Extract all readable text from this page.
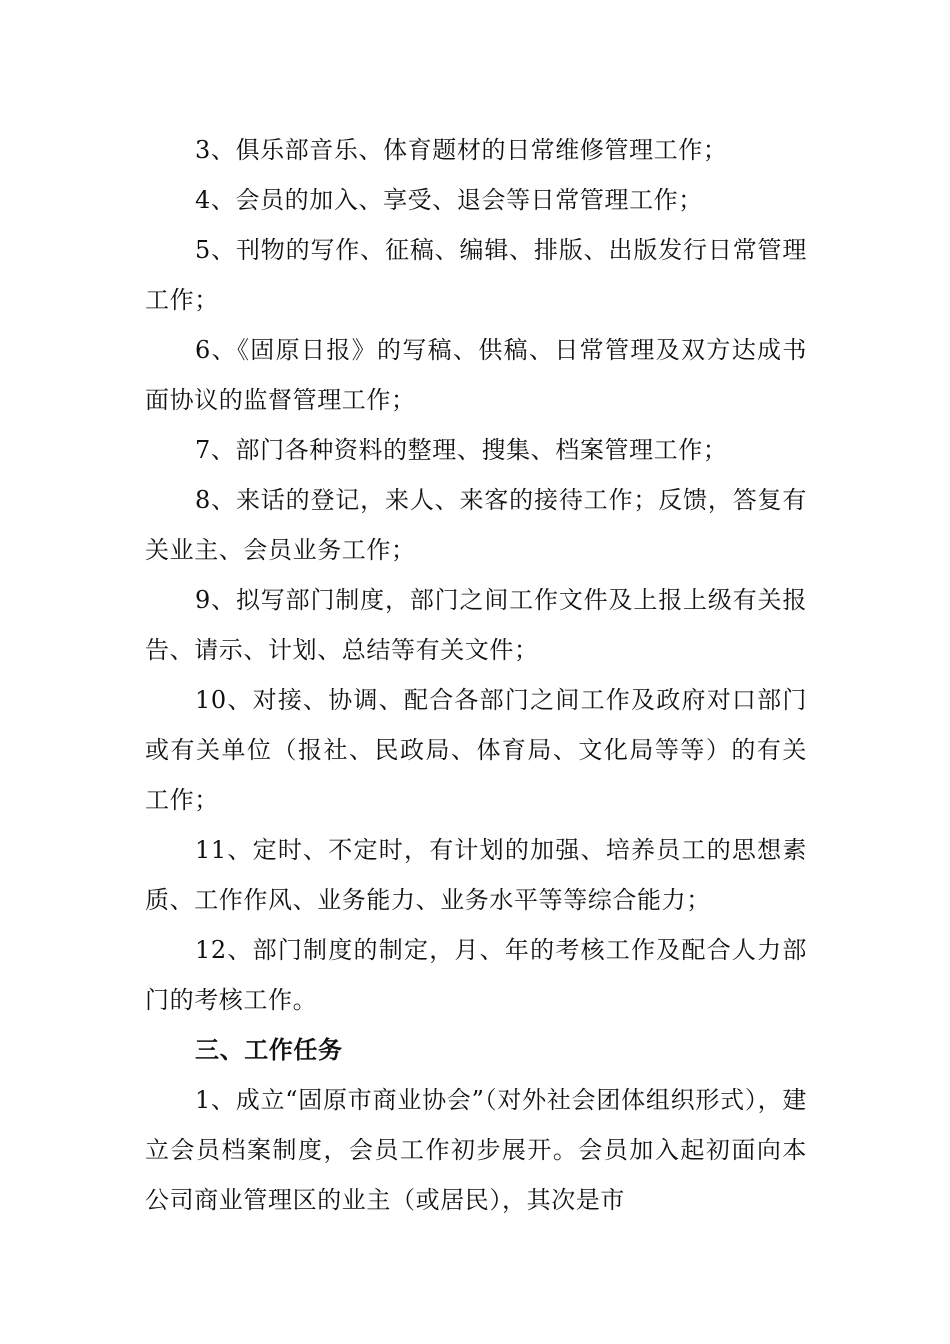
3、俱乐部音乐、体育题材的日常维修管理工作；

4、会员的加入、享受、退会等日常管理工作；

5、刊物的写作、征稿、编辑、排版、出版发行日常管理工作；

6、《固原日报》的写稿、供稿、日常管理及双方达成书面协议的监督管理工作；

7、部门各种资料的整理、搜集、档案管理工作；

8、来话的登记，来人、来客的接待工作；反馈，答复有关业主、会员业务工作；

9、拟写部门制度，部门之间工作文件及上报上级有关报告、请示、计划、总结等有关文件；

10、对接、协调、配合各部门之间工作及政府对口部门或有关单位（报社、民政局、体育局、文化局等等）的有关工作；

11、定时、不定时，有计划的加强、培养员工的思想素质、工作作风、业务能力、业务水平等等综合能力；

12、部门制度的制定，月、年的考核工作及配合人力部门的考核工作。

三、工作任务

1、成立“固原市商业协会”（对外社会团体组织形式），建立会员档案制度，会员工作初步展开。会员加入起初面向本公司商业管理区的业主（或居民），其次是市
